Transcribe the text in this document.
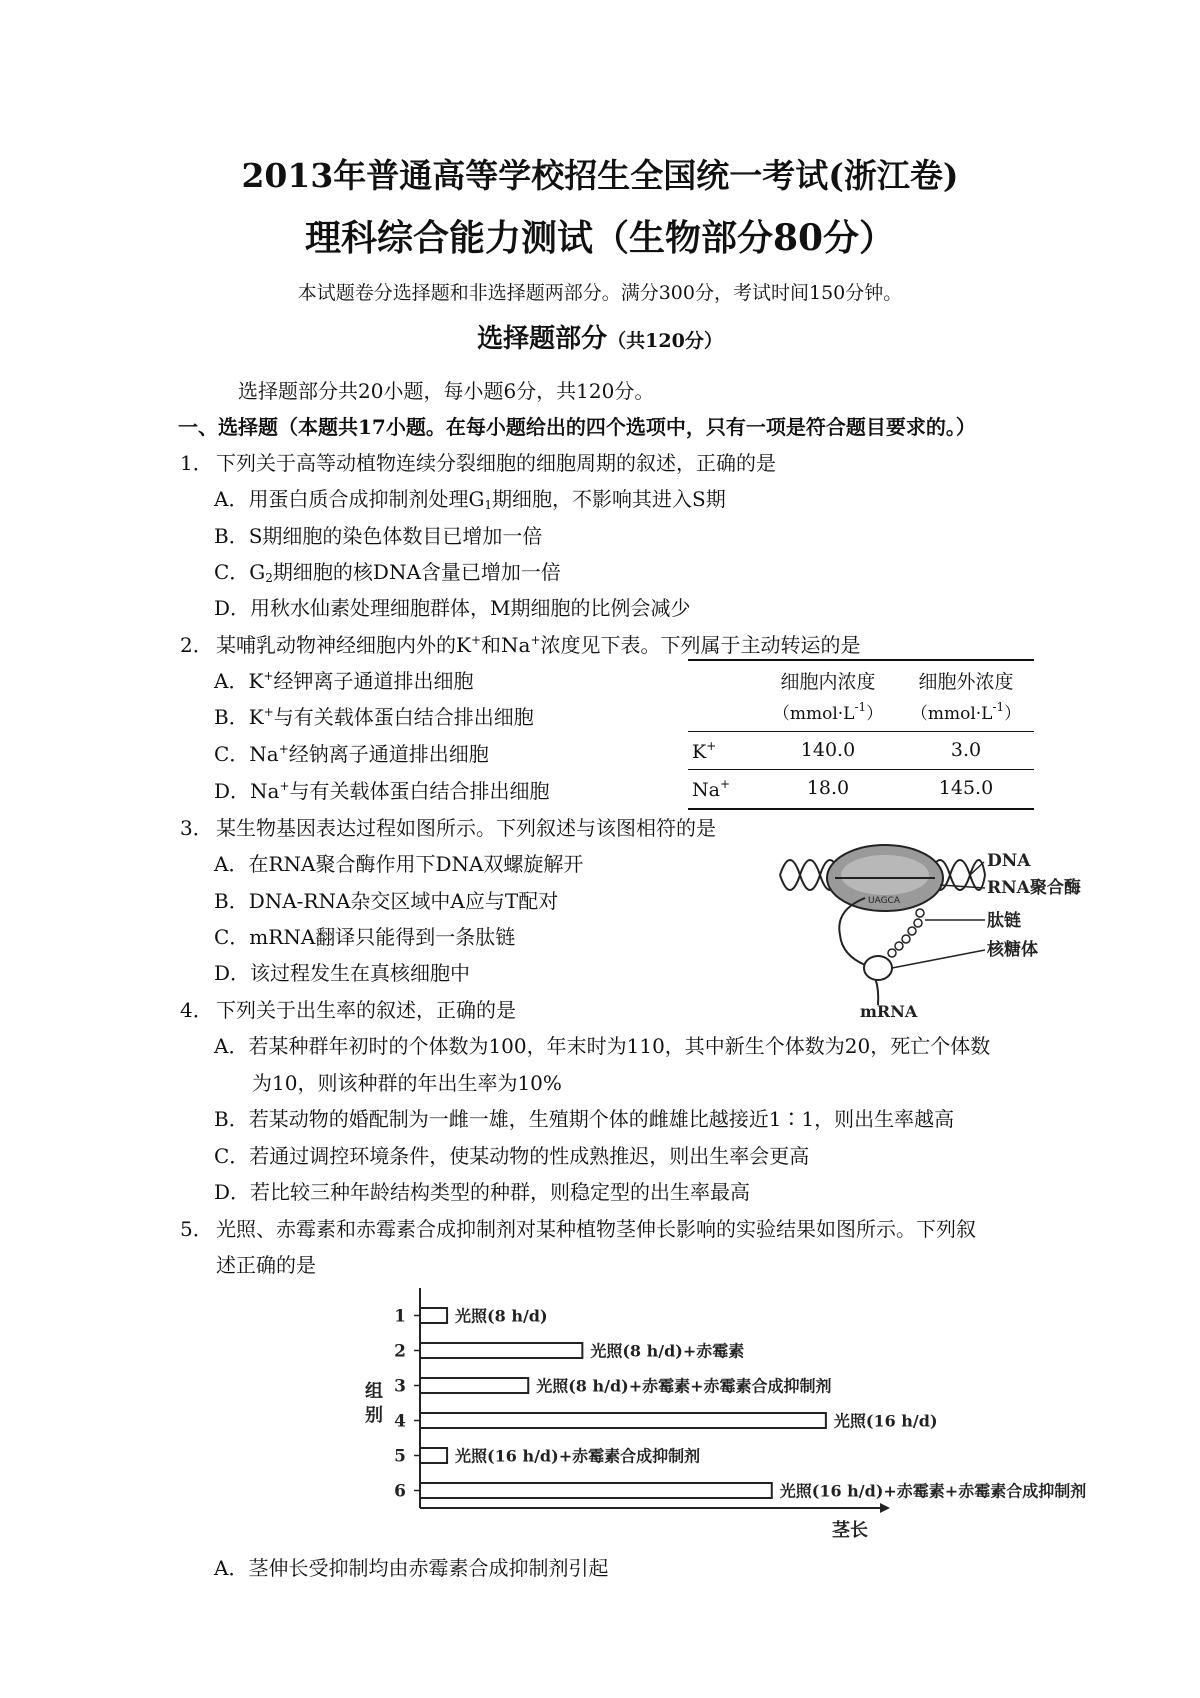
2013年普通高等学校招生全国统一考试(浙江卷)
理科综合能力测试（生物部分80分）
本试题卷分选择题和非选择题两部分。满分300分，考试时间150分钟。
选择题部分（共120分）
选择题部分共20小题，每小题6分，共120分。
一、选择题（本题共17小题。在每小题给出的四个选项中，只有一项是符合题目要求的。）
1． 下列关于高等动植物连续分裂细胞的细胞周期的叙述，正确的是
A．用蛋白质合成抑制剂处理$G_1$期细胞，不影响其进入S期
B．S期细胞的染色体数目已增加一倍
C．$G_2$期细胞的核DNA含量已增加一倍
D．用秋水仙素处理细胞群体，M期细胞的比例会减少
2． 某哺乳动物神经细胞内外的K+和Na+浓度见下表。下列属于主动转运的是
A．K+经钾离子通道排出细胞
B．K+与有关载体蛋白结合排出细胞
C．Na+经钠离子通道排出细胞
D．Na+与有关载体蛋白结合排出细胞
细胞内浓度	细胞外浓度
$(mmol\cdot L^{-1})$	$(mmol\cdot L^{-1})$
K+	140.0	3.0
Na+	18.0	145.0
3． 某生物基因表达过程如图所示。下列叙述与该图相符的是
A．在RNA聚合酶作用下DNA双螺旋解开
B．DNA-RNA杂交区域中A应与T配对
C．mRNA翻译只能得到一条肽链
D．该过程发生在真核细胞中
UAGCA
DNA
RNA聚合酶
肽链
核糖体
mRNA
4． 下列关于出生率的叙述，正确的是
A．若某种群年初时的个体数为100，年末时为110，其中新生个体数为20，死亡个体数
为10，则该种群的年出生率为10%
B．若某动物的婚配制为一雌一雄，生殖期个体的雌雄比越接近1∶1，则出生率越高
C．若通过调控环境条件，使某动物的性成熟推迟，则出生率会更高
D．若比较三种年龄结构类型的种群，则稳定型的出生率最高
5． 光照、赤霉素和赤霉素合成抑制剂对某种植物茎伸长影响的实验结果如图所示。下列叙
述正确的是
1	光照(8 h/d)
2	光照(8 h/d)+赤霉素
3	光照(8 h/d)+赤霉素+赤霉素合成抑制剂
4	光照(16 h/d)
5	光照(16 h/d)+赤霉素合成抑制剂
6	光照(16 h/d)+赤霉素+赤霉素合成抑制剂
组
别
茎长
A．茎伸长受抑制均由赤霉素合成抑制剂引起
